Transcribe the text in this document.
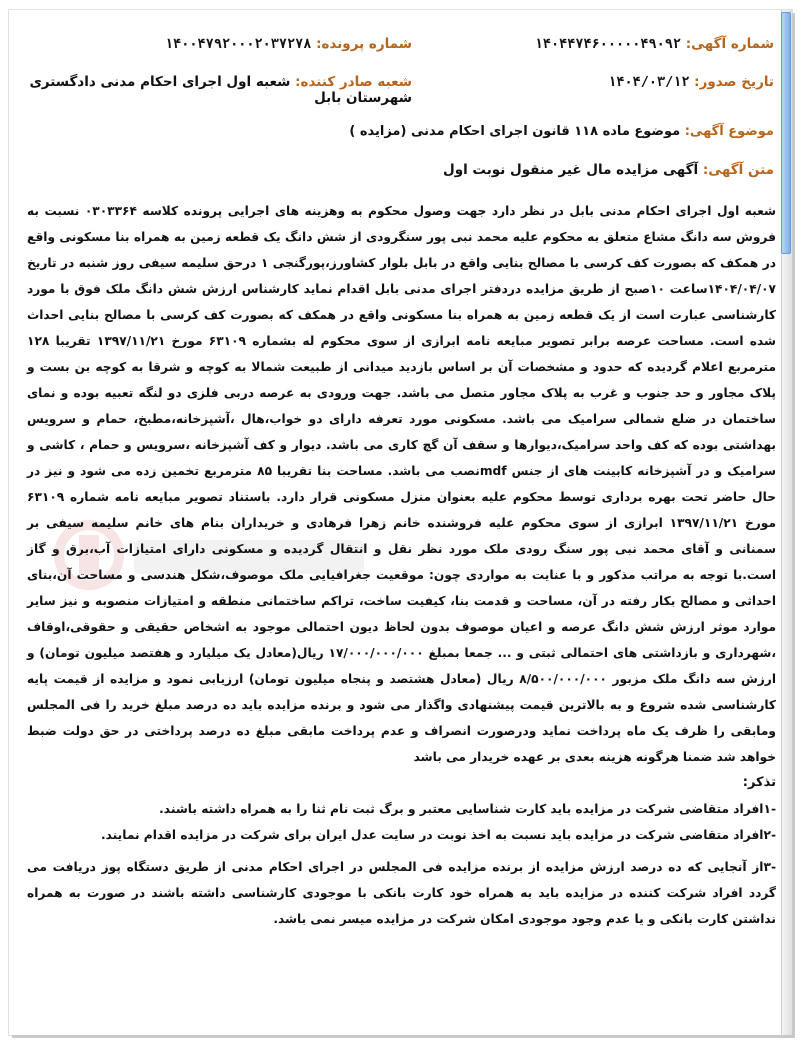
شماره آگهی: ۱۴۰۴۴۷۴۶۰۰۰۰۰۴۹۰۹۲
شماره پرونده: ۱۴۰۰۴۷۹۲۰۰۰۲۰۳۷۲۷۸
تاریخ صدور: ۱۴۰۴/۰۳/۱۲
شعبه صادر کننده: شعبه اول اجرای احکام مدنی دادگستری شهرستان بابل
موضوع آگهی: موضوع ماده ۱۱۸ قانون اجرای احکام مدنی (مزایده )
متن آگهی: آگهی مزایده مال غیر منقول نوبت اول

شعبه اول اجرای احکام مدنی بابل در نظر دارد جهت وصول محکوم به وهزینه های اجرایی پرونده کلاسه ۰۳۰۳۳۶۴ نسبت به فروش سه دانگ مشاع متعلق به محکوم علیه محمد نبی پور سنگرودی از شش دانگ یک قطعه زمین به همراه بنا مسکونی واقع در همکف که بصورت کف کرسی با مصالح بنایی واقع در بابل بلوار کشاورز،پورگنجی ۱ درحق سلیمه سیفی روز شنبه در تاریخ ۱۴۰۴/۰۴/۰۷ساعت ۱۰صبح از طریق مزایده دردفتر اجرای مدنی بابل اقدام نماید کارشناس ارزش شش دانگ ملک فوق با مورد کارشناسی عبارت است از یک قطعه زمین به همراه بنا مسکونی واقع در همکف که بصورت کف کرسی با مصالح بنایی احداث شده است. مساحت عرصه برابر تصویر مبایعه نامه ابرازی از سوی محکوم له بشماره ۶۳۱۰۹ مورخ ۱۳۹۷/۱۱/۲۱ تقریبا ۱۲۸ مترمربع اعلام گردیده که حدود و مشخصات آن بر اساس بازدید میدانی از طبیعت شمالا به کوچه و شرقا به کوچه بن بست و پلاک مجاور و حد جنوب و غرب به پلاک مجاور متصل می باشد. جهت ورودی به عرصه دربی فلزی دو لنگه تعبیه بوده و نمای ساختمان در ضلع شمالی سرامیک می باشد. مسکونی مورد تعرفه دارای دو خواب،هال ،آشپزخانه،مطبخ، حمام و سرویس بهداشتی بوده که کف واحد سرامیک،دیوارها و سقف آن گچ کاری می باشد. دیوار و کف آشپزخانه ،سرویس و حمام ، کاشی و سرامیک و در آشپزخانه کابینت های از جنس mdfنصب می باشد. مساحت بنا تقریبا ۸۵ مترمربع تخمین زده می شود و نیز در حال حاضر تحت بهره برداری توسط محکوم علیه بعنوان منزل مسکونی قرار دارد. باستناد تصویر مبایعه نامه شماره ۶۳۱۰۹ مورخ ۱۳۹۷/۱۱/۲۱ ابرازی از سوی محکوم علیه فروشنده خانم زهرا فرهادی و خریداران بنام های خانم سلیمه سیفی بر سمنانی و آقای محمد نبی پور سنگ رودی ملک مورد نظر نقل و انتقال گردیده و مسکونی دارای امتیازات آب،برق و گاز است.با توجه به مراتب مذکور و با عنایت به مواردی چون: موقعیت جغرافیایی ملک موصوف،شکل هندسی و مساحت آن،بنای احداثی و مصالح بکار رفته در آن، مساحت و قدمت بنا، کیفیت ساخت، تراکم ساختمانی منطقه و امتیازات منصوبه و نیز سایر موارد موثر ارزش شش دانگ عرصه و اعیان موصوف بدون لحاظ دیون احتمالی موجود به اشخاص حقیقی و حقوقی،اوقاف ،شهرداری و بازداشتی های احتمالی ثبتی و ... جمعا بمبلغ ۱۷/۰۰۰/۰۰۰/۰۰۰ ریال(معادل یک میلیارد و هفتصد میلیون تومان) و ارزش سه دانگ ملک مزبور ۸/۵۰۰/۰۰۰/۰۰۰ ریال (معادل هشتصد و پنجاه میلیون تومان) ارزیابی نمود و مزایده از قیمت پایه کارشناسی شده شروع و به بالاترین قیمت پیشنهادی واگذار می شود و برنده مزایده باید ده درصد مبلغ خرید را فی المجلس ومابقی را ظرف یک ماه پرداخت نماید ودرصورت انصراف و عدم پرداخت مابقی مبلغ ده درصد پرداختی در حق دولت ضبط خواهد شد ضمنا هرگونه هزینه بعدی بر عهده خریدار می باشد

تذکر:

-۱افراد متقاضی شرکت در مزایده باید کارت شناسایی معتبر و برگ ثبت نام ثنا را به همراه داشته باشند.

-۲افراد متقاضی شرکت در مزایده باید نسبت به اخذ نوبت در سایت عدل ایران برای شرکت در مزایده اقدام نمایند.

-۳از آنجایی که ده درصد ارزش مزایده از برنده مزایده فی المجلس در اجرای احکام مدنی از طریق دستگاه پوز دریافت می گردد افراد شرکت کننده در مزایده باید به همراه خود کارت بانکی با موجودی کارشناسی داشته باشند در صورت به همراه نداشتن کارت بانکی و یا عدم وجود موجودی امکان شرکت در مزایده میسر نمی باشد.
